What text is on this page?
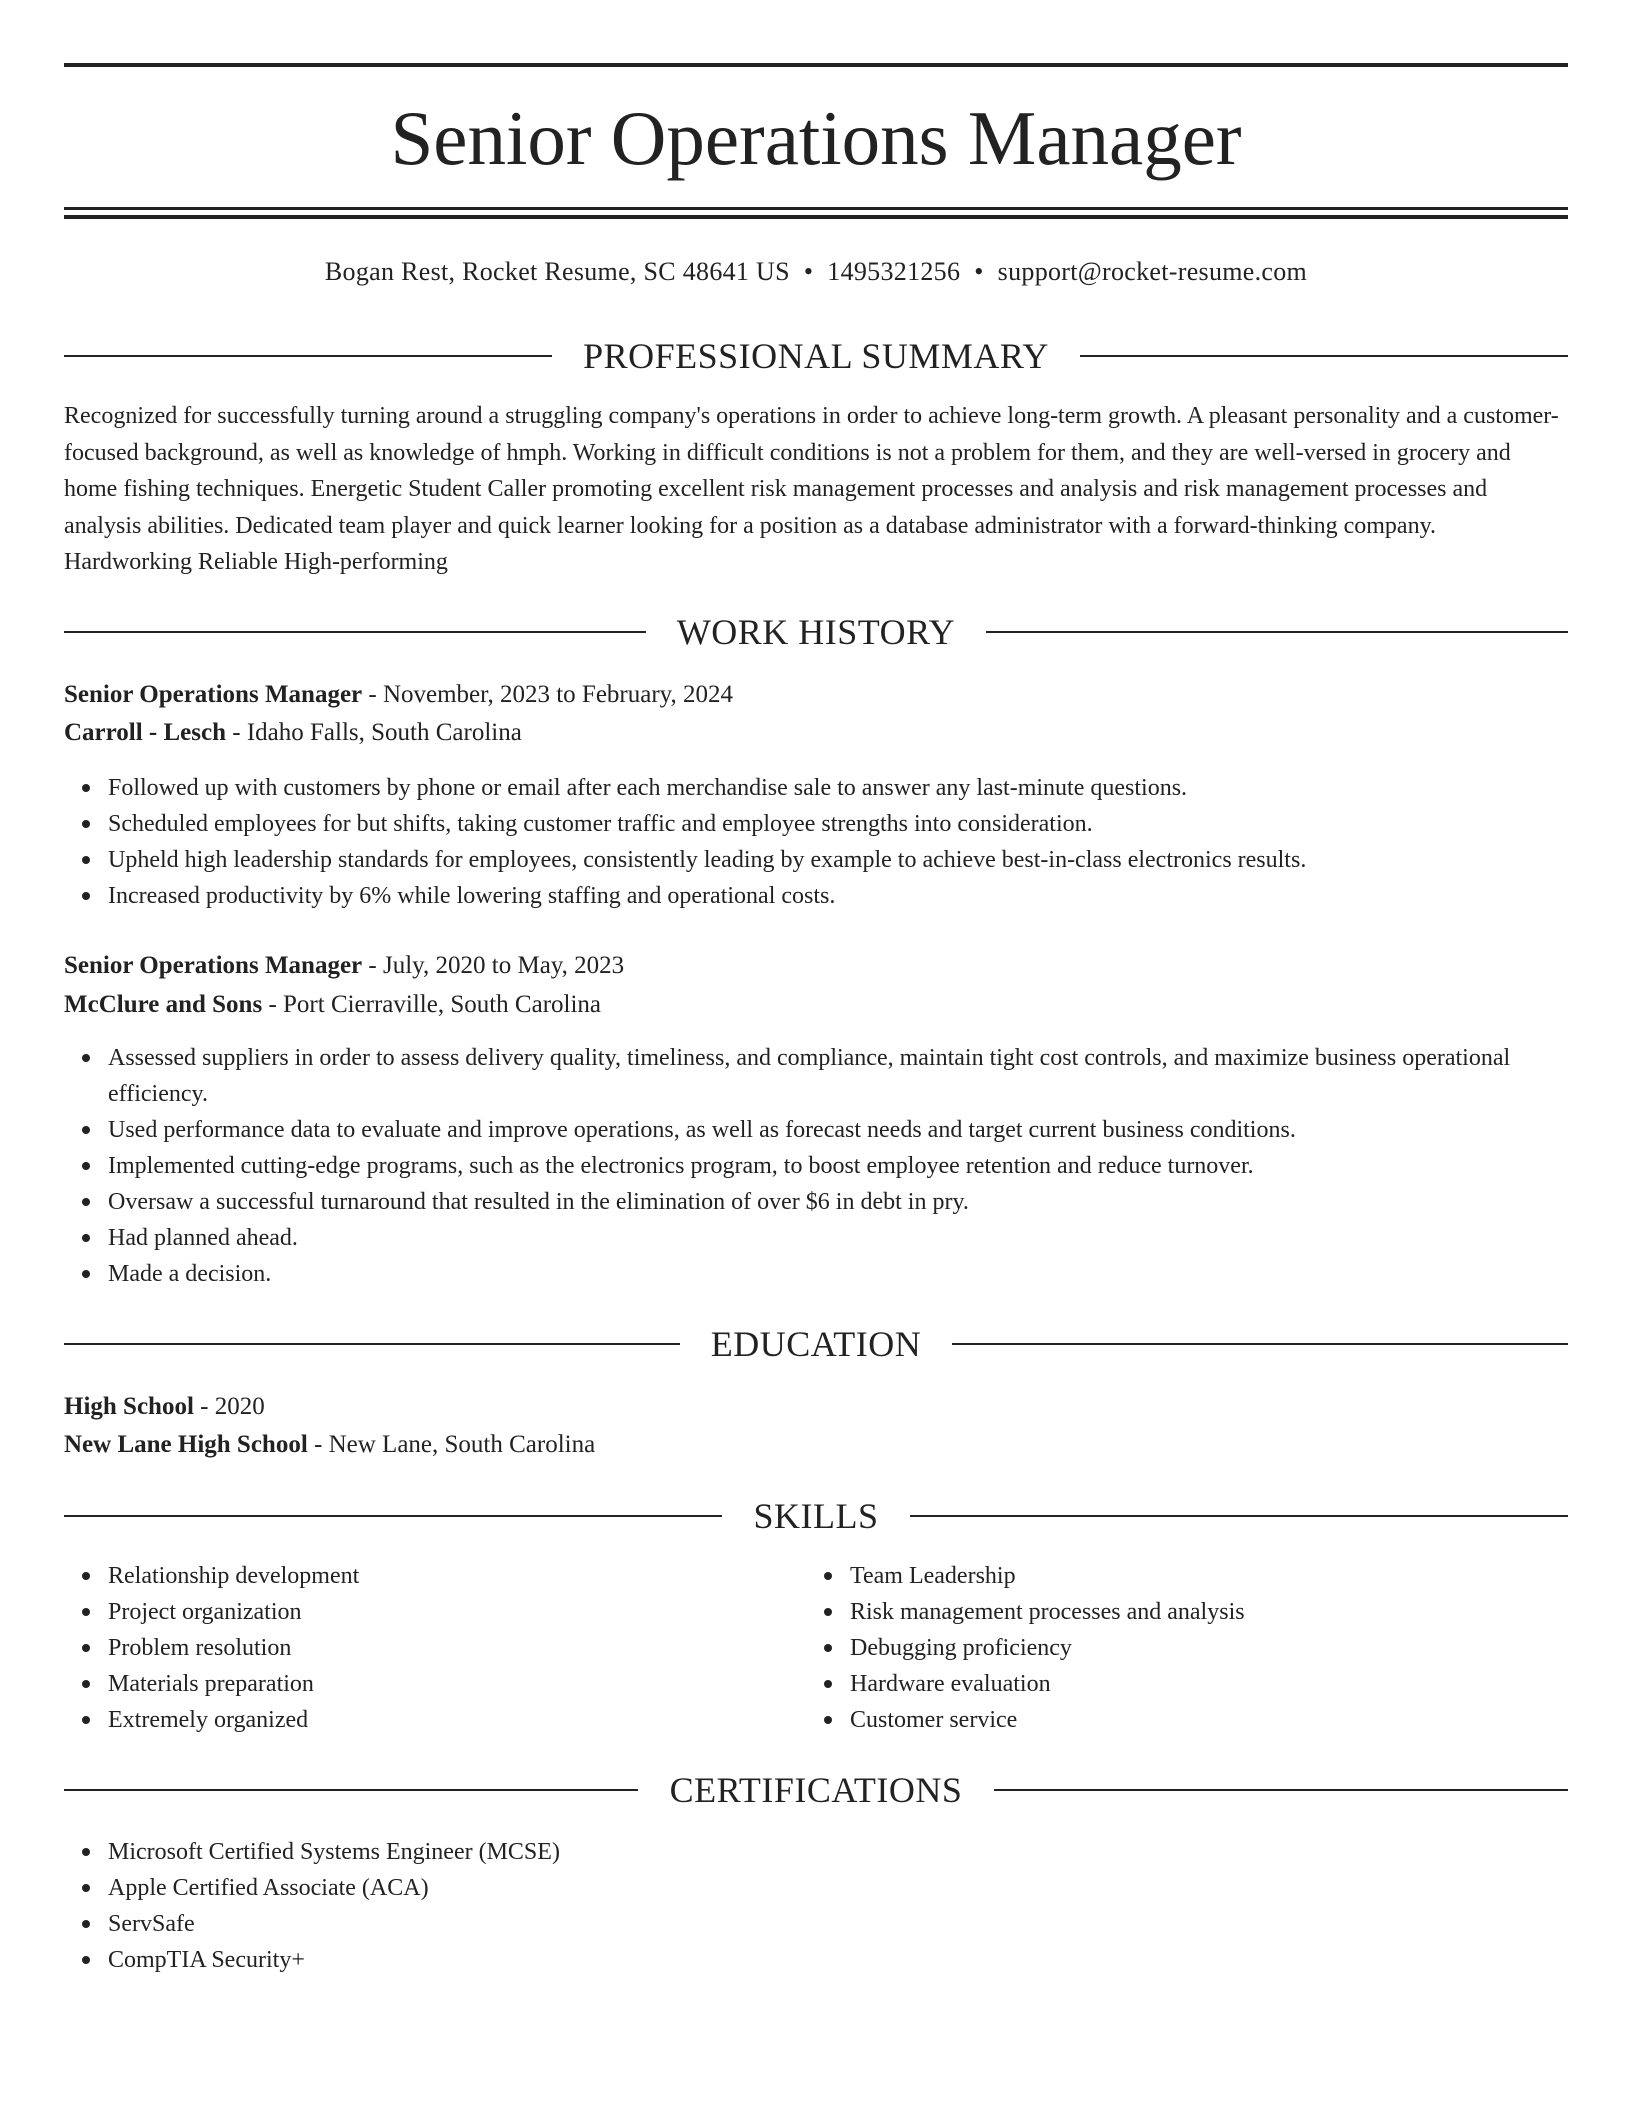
Senior Operations Manager
Bogan Rest, Rocket Resume, SC 48641 US • 1495321256 • support@rocket-resume.com
PROFESSIONAL SUMMARY

Recognized for successfully turning around a struggling company's operations in order to achieve long-term growth. A pleasant personality and a customer-focused background, as well as knowledge of hmph. Working in difficult conditions is not a problem for them, and they are well-versed in grocery and home fishing techniques. Energetic Student Caller promoting excellent risk management processes and analysis and risk management processes and analysis abilities. Dedicated team player and quick learner looking for a position as a database administrator with a forward-thinking company. Hardworking Reliable High-performing

WORK HISTORY
Senior Operations Manager - November, 2023 to February, 2024
Carroll - Lesch - Idaho Falls, South Carolina
Followed up with customers by phone or email after each merchandise sale to answer any last-minute questions.
Scheduled employees for but shifts, taking customer traffic and employee strengths into consideration.
Upheld high leadership standards for employees, consistently leading by example to achieve best-in-class electronics results.
Increased productivity by 6% while lowering staffing and operational costs.
Senior Operations Manager - July, 2020 to May, 2023
McClure and Sons - Port Cierraville, South Carolina
Assessed suppliers in order to assess delivery quality, timeliness, and compliance, maintain tight cost controls, and maximize business operational efficiency.
Used performance data to evaluate and improve operations, as well as forecast needs and target current business conditions.
Implemented cutting-edge programs, such as the electronics program, to boost employee retention and reduce turnover.
Oversaw a successful turnaround that resulted in the elimination of over $6 in debt in pry.
Had planned ahead.
Made a decision.
EDUCATION
High School - 2020
New Lane High School - New Lane, South Carolina
SKILLS
Relationship development
Project organization
Problem resolution
Materials preparation
Extremely organized
Team Leadership
Risk management processes and analysis
Debugging proficiency
Hardware evaluation
Customer service
CERTIFICATIONS
Microsoft Certified Systems Engineer (MCSE)
Apple Certified Associate (ACA)
ServSafe
CompTIA Security+
